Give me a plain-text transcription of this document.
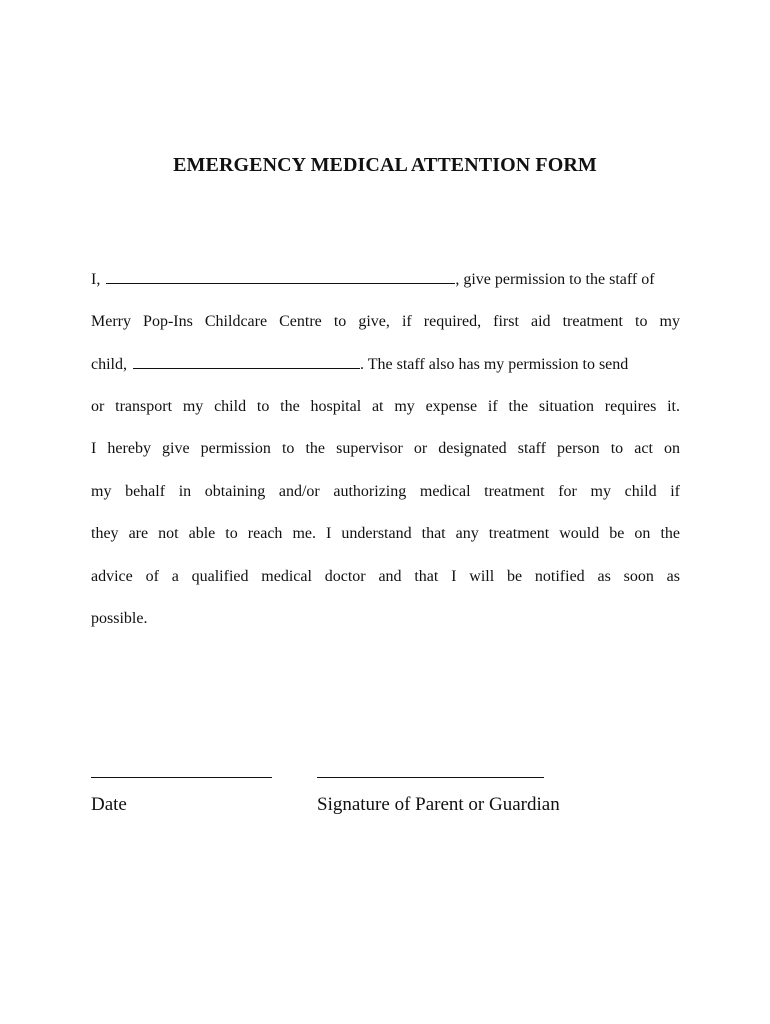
EMERGENCY MEDICAL ATTENTION FORM
I,	, give permission to the staff of
Merry Pop-Ins Childcare Centre to give, if required, first aid treatment to my
child,	. The staff also has my permission to send
or transport my child to the hospital at my expense if the situation requires it.
I hereby give permission to the supervisor or designated staff person to act on
my behalf in obtaining and/or authorizing medical treatment for my child if
they are not able to reach me. I understand that any treatment would be on the
advice of a qualified medical doctor and that I will be notified as soon as
possible.
Date	Signature of Parent or Guardian
